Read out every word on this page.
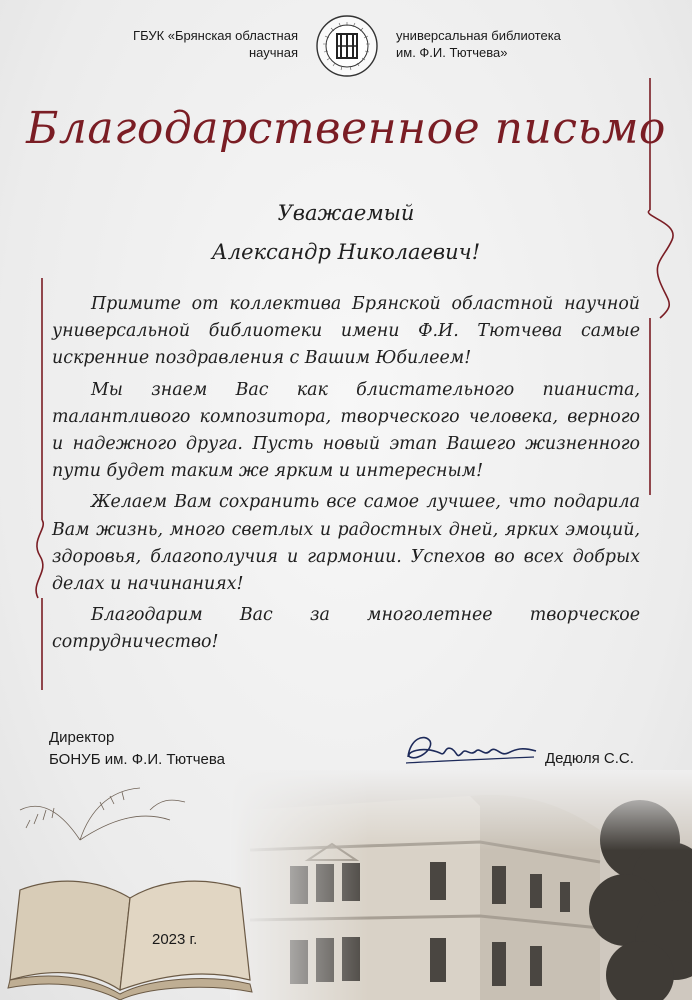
ГБУК «Брянская областная
научная
универсальная библиотека
им. Ф.И. Тютчева»
Благодарственное письмо
Уважаемый
Александр Николаевич!

Примите от коллектива Брянской областной научной универсальной библиотеки имени Ф.И. Тютчева самые искренние поздравления с Вашим Юбилеем!

Мы знаем Вас как блистательного пианиста, талантливого композитора, творческого человека, верного и надежного друга. Пусть новый этап Вашего жизненного пути будет таким же ярким и интересным!

Желаем Вам сохранить все самое лучшее, что подарила Вам жизнь, много светлых и радостных дней, ярких эмоций, здоровья, благополучия и гармонии. Успехов во всех добрых делах и начинаниях!

Благодарим Вас за многолетнее творческое сотрудничество!

Директор
БОНУБ им. Ф.И. Тютчева	Дедюля С.С.
2023 г.
